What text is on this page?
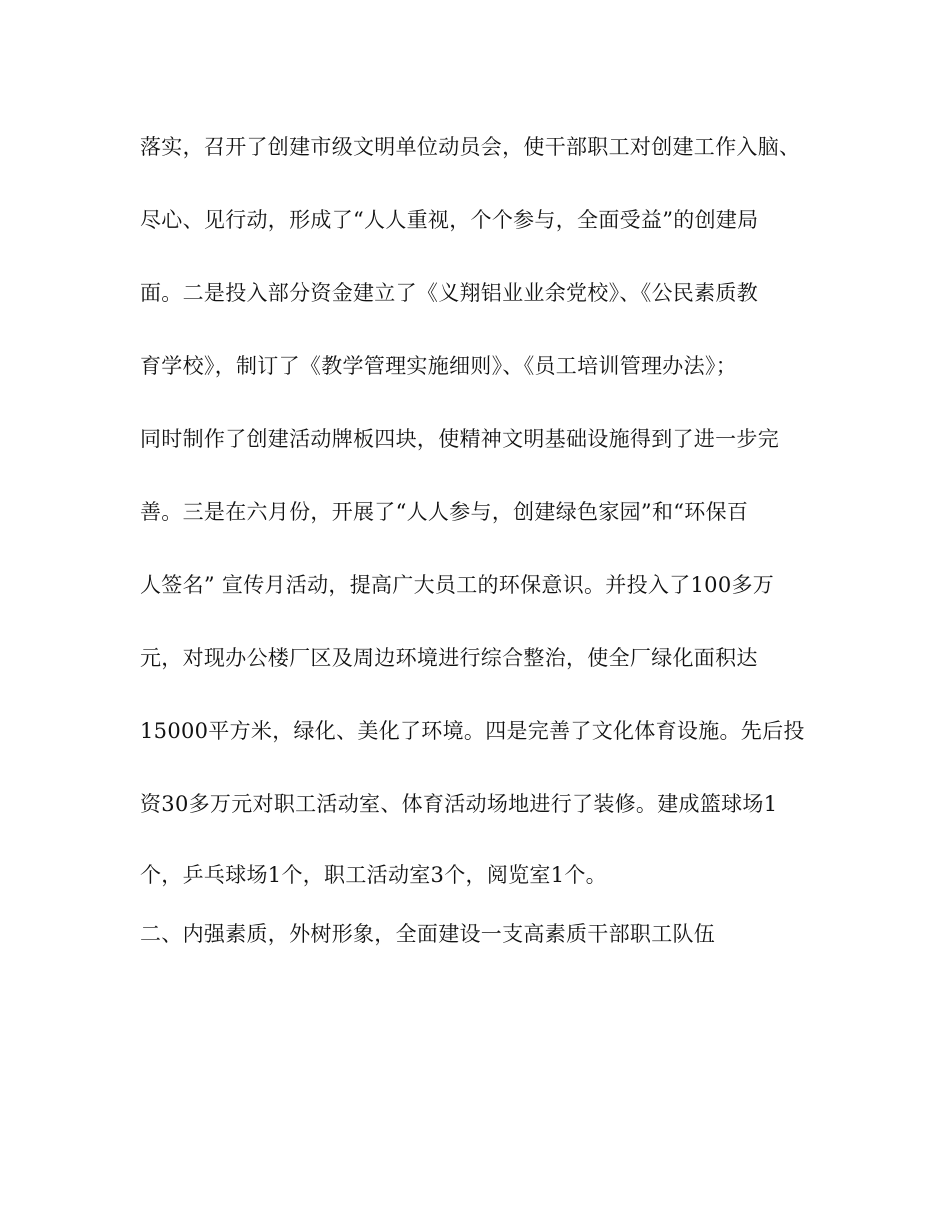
落实，召开了创建市级文明单位动员会，使干部职工对创建工作入脑、
尽心、见行动，形成了“人人重视，个个参与，全面受益”的创建局
面。二是投入部分资金建立了《义翔铝业业余党校》、《公民素质教
育学校》，制订了《教学管理实施细则》、《员工培训管理办法》；
同时制作了创建活动牌板四块，使精神文明基础设施得到了进一步完
善。三是在六月份，开展了“人人参与，创建绿色家园”和“环保百
人签名” 宣传月活动，提高广大员工的环保意识。并投入了100多万
元，对现办公楼厂区及周边环境进行综合整治，使全厂绿化面积达
15000平方米，绿化、美化了环境。四是完善了文化体育设施。先后投
资30多万元对职工活动室、体育活动场地进行了装修。建成篮球场1
个，乒乓球场1个，职工活动室3个，阅览室1个。
二、内强素质，外树形象，全面建设一支高素质干部职工队伍
